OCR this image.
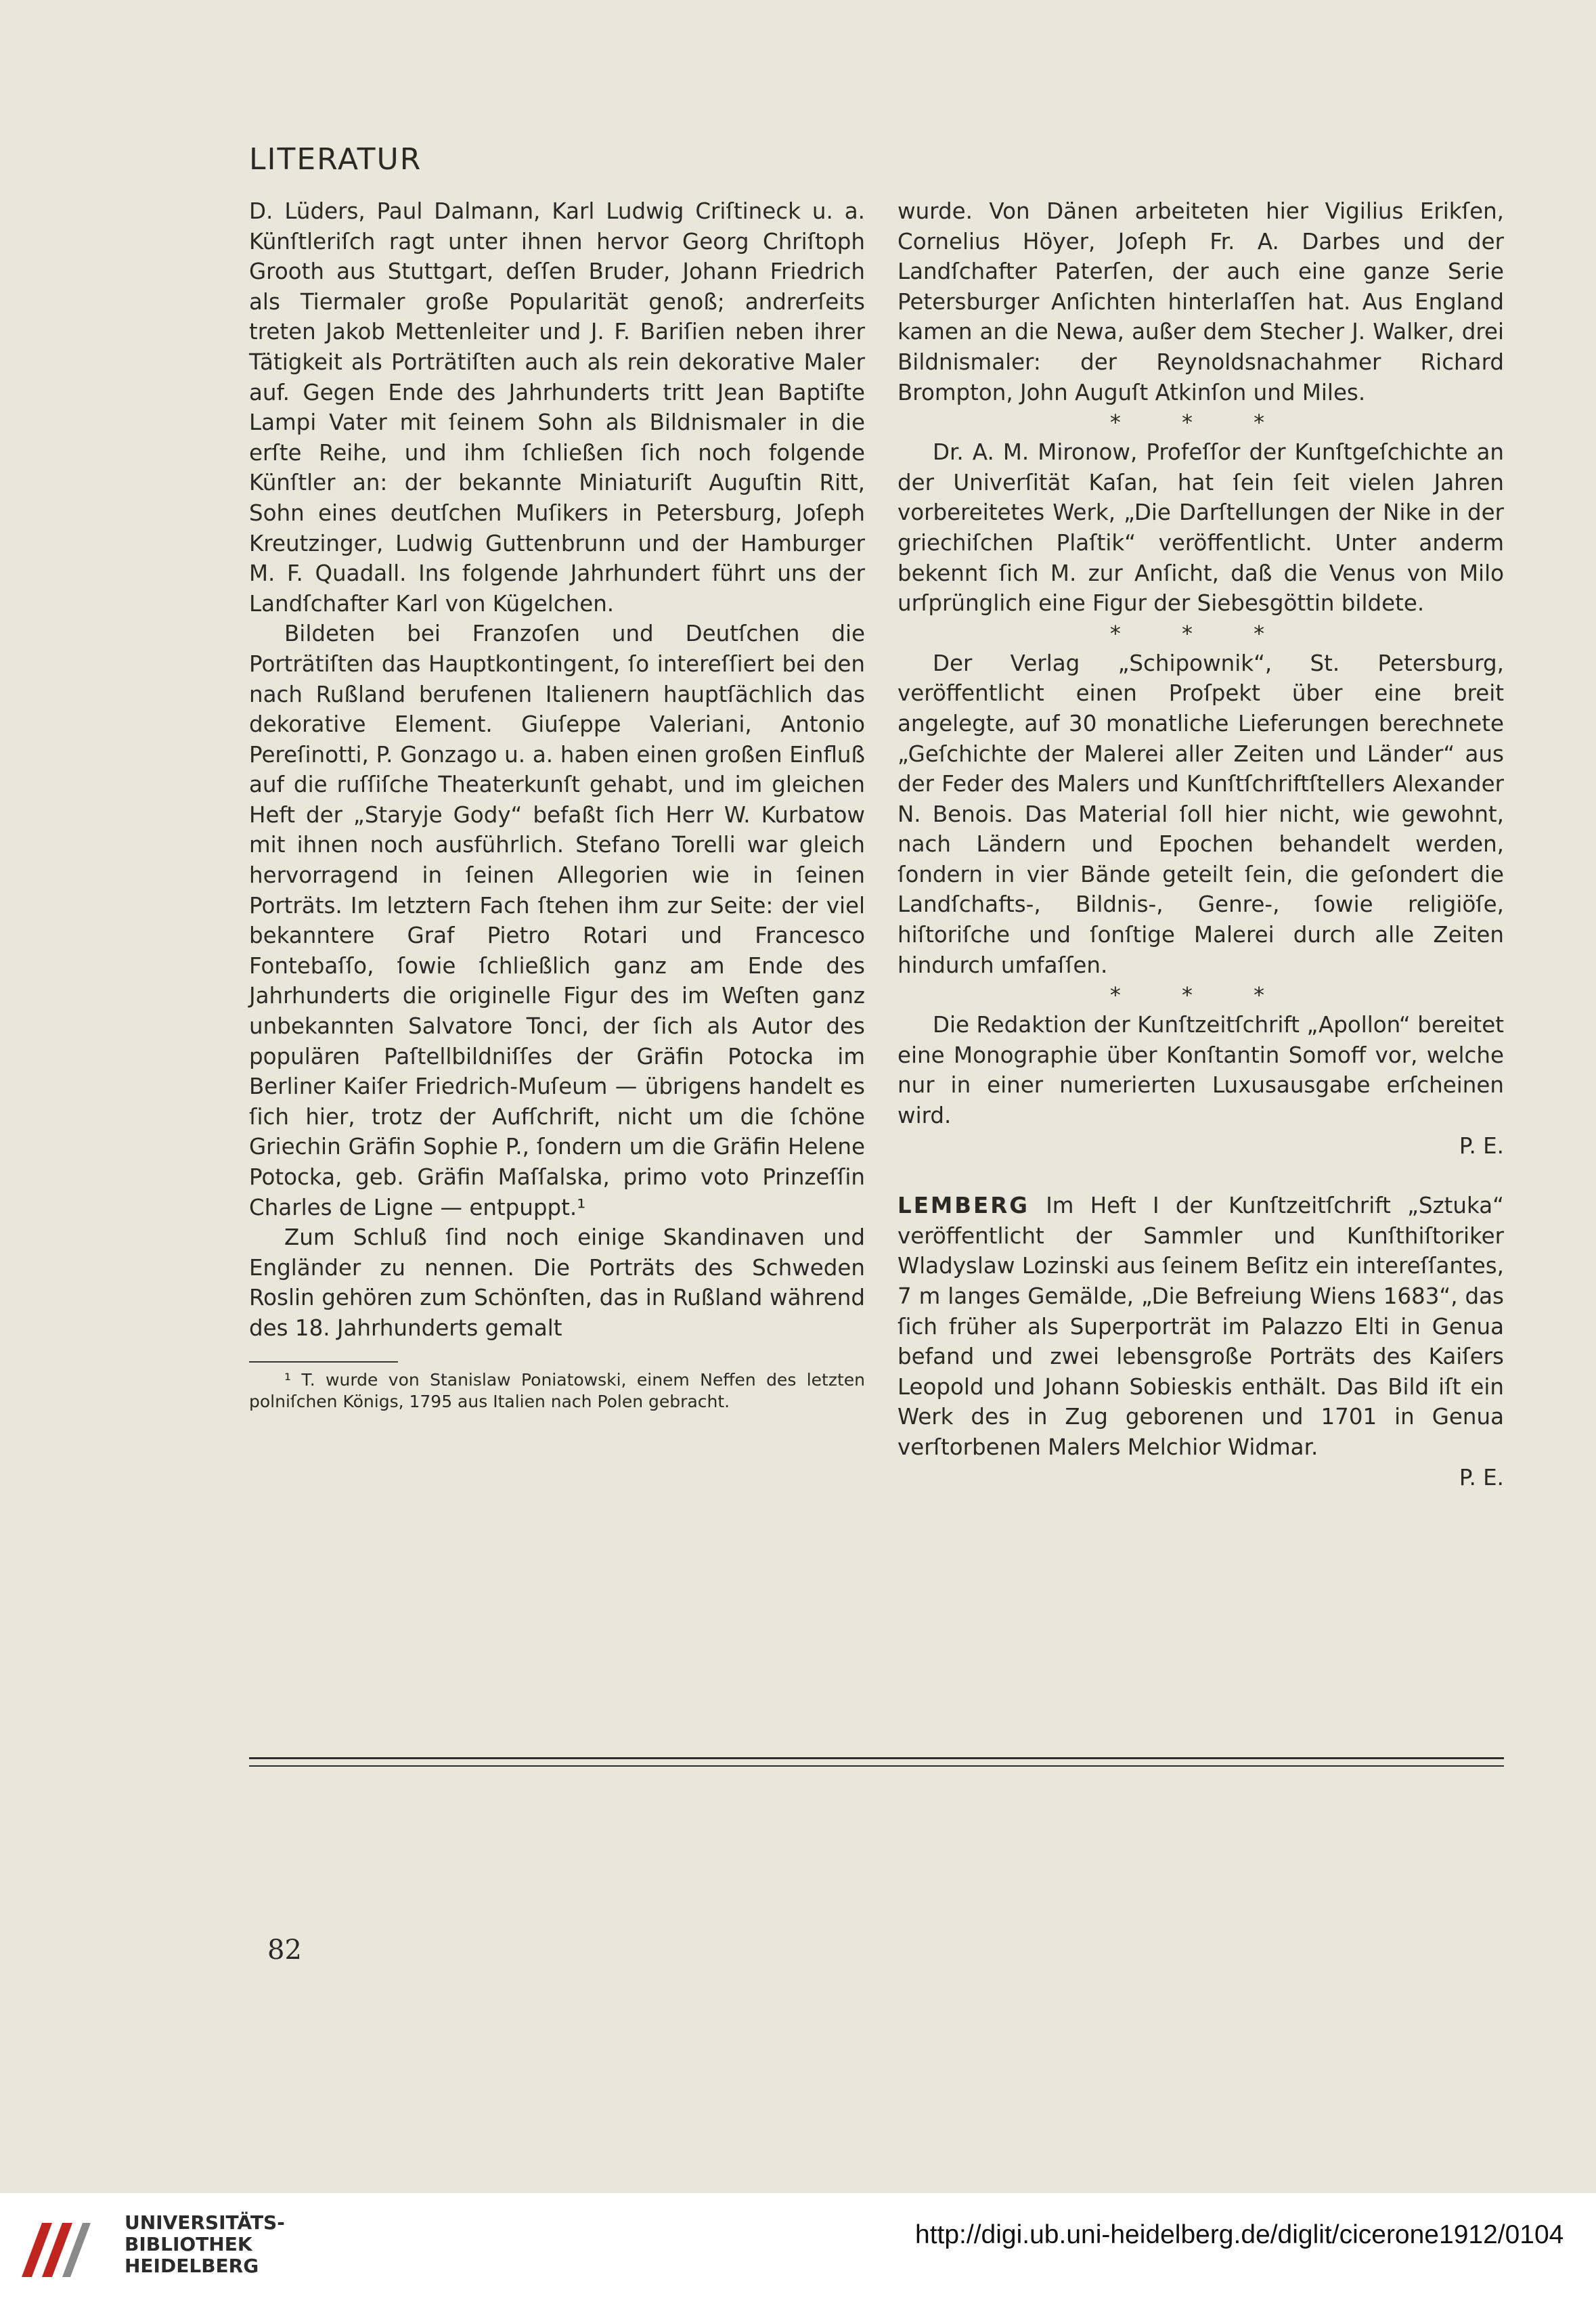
LITERATUR

D. Lüders, Paul Dalmann, Karl Ludwig Criſtineck u. a. Künſtleriſch ragt unter ihnen hervor Georg Chriſtoph Grooth aus Stuttgart, deſſen Bruder, Johann Friedrich als Tiermaler große Popularität genoß; andrerſeits treten Jakob Mettenleiter und J. F. Bariſien neben ihrer Tätigkeit als Porträtiſten auch als rein dekorative Maler auf. Gegen Ende des Jahrhunderts tritt Jean Baptiſte Lampi Vater mit ſeinem Sohn als Bildnismaler in die erſte Reihe, und ihm ſchließen ſich noch folgende Künſtler an: der bekannte Miniaturiſt Auguſtin Ritt, Sohn eines deutſchen Muſikers in Petersburg, Joſeph Kreutzinger, Ludwig Guttenbrunn und der Hamburger M. F. Quadall. Ins folgende Jahrhundert führt uns der Landſchafter Karl von Kügelchen.

Bildeten bei Franzoſen und Deutſchen die Porträtiſten das Hauptkontingent, ſo intereſſiert bei den nach Rußland berufenen Italienern hauptſächlich das dekorative Element. Giuſeppe Valeriani, Antonio Pereſinotti, P. Gonzago u. a. haben einen großen Einfluß auf die ruſſiſche Theaterkunſt gehabt, und im gleichen Heft der „Staryje Gody“ befaßt ſich Herr W. Kurbatow mit ihnen noch ausführlich. Stefano Torelli war gleich hervorragend in ſeinen Allegorien wie in ſeinen Porträts. Im letztern Fach ſtehen ihm zur Seite: der viel bekanntere Graf Pietro Rotari und Francesco Fontebaſſo, ſowie ſchließlich ganz am Ende des Jahrhunderts die originelle Figur des im Weſten ganz unbekannten Salvatore Tonci, der ſich als Autor des populären Paſtellbildniſſes der Gräfin Potocka im Berliner Kaiſer Friedrich-Muſeum — übrigens handelt es ſich hier, trotz der Aufſchrift, nicht um die ſchöne Griechin Gräfin Sophie P., ſondern um die Gräfin Helene Potocka, geb. Gräfin Maſſalska, primo voto Prinzeſſin Charles de Ligne — entpuppt.¹

Zum Schluß ſind noch einige Skandinaven und Engländer zu nennen. Die Porträts des Schweden Roslin gehören zum Schönſten, das in Rußland während des 18. Jahrhunderts gemalt

¹ T. wurde von Stanislaw Poniatowski, einem Neffen des letzten polniſchen Königs, 1795 aus Italien nach Polen gebracht.

wurde. Von Dänen arbeiteten hier Vigilius Erikſen, Cornelius Höyer, Joſeph Fr. A. Darbes und der Landſchafter Paterſen, der auch eine ganze Serie Petersburger Anſichten hinterlaſſen hat. Aus England kamen an die Newa, außer dem Stecher J. Walker, drei Bildnismaler: der Reynoldsnachahmer Richard Brompton, John Auguſt Atkinſon und Miles.

* * *

Dr. A. M. Mironow, Profeſſor der Kunſtgeſchichte an der Univerſität Kaſan, hat ſein ſeit vielen Jahren vorbereitetes Werk, „Die Darſtellungen der Nike in der griechiſchen Plaſtik“ veröffentlicht. Unter anderm bekennt ſich M. zur Anſicht, daß die Venus von Milo urſprünglich eine Figur der Siebesgöttin bildete.

* * *

Der Verlag „Schipownik“, St. Petersburg, veröffentlicht einen Proſpekt über eine breit angelegte, auf 30 monatliche Lieferungen berechnete „Geſchichte der Malerei aller Zeiten und Länder“ aus der Feder des Malers und Kunſtſchriftſtellers Alexander N. Benois. Das Material ſoll hier nicht, wie gewohnt, nach Ländern und Epochen behandelt werden, ſondern in vier Bände geteilt ſein, die geſondert die Landſchafts-, Bildnis-, Genre-, ſowie religiöſe, hiſtoriſche und ſonſtige Malerei durch alle Zeiten hindurch umfaſſen.

* * *

Die Redaktion der Kunſtzeitſchrift „Apollon“ bereitet eine Monographie über Konſtantin Somoff vor, welche nur in einer numerierten Luxusausgabe erſcheinen wird.

P. E.

LEMBERG Im Heft I der Kunſtzeitſchrift „Sztuka“ veröffentlicht der Sammler und Kunſthiſtoriker Wladyslaw Lozinski aus ſeinem Beſitz ein intereſſantes, 7 m langes Gemälde, „Die Befreiung Wiens 1683“, das ſich früher als Superporträt im Palazzo Elti in Genua befand und zwei lebensgroße Porträts des Kaiſers Leopold und Johann Sobieskis enthält. Das Bild iſt ein Werk des in Zug geborenen und 1701 in Genua verſtorbenen Malers Melchior Widmar.

P. E.

82
UNIVERSITÄTS-
BIBLIOTHEK
HEIDELBERG
http://digi.ub.uni-heidelberg.de/diglit/cicerone1912/0104
